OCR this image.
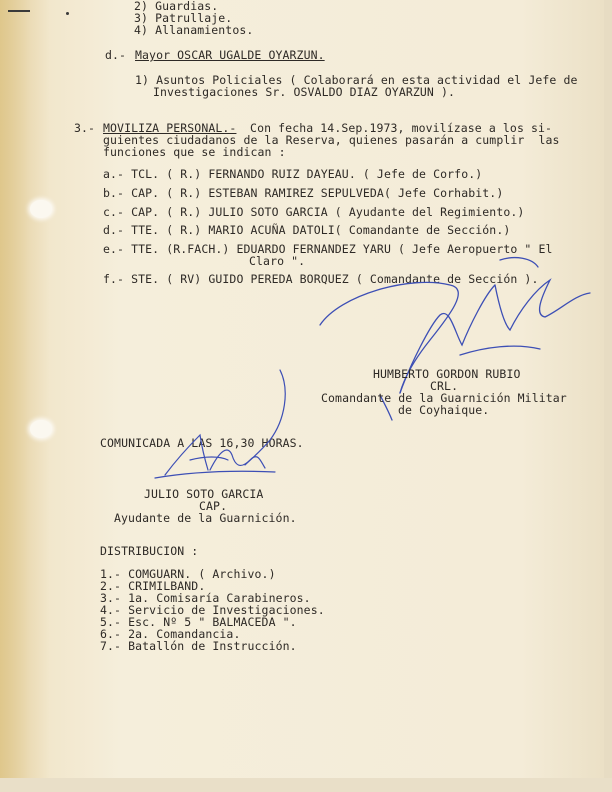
2) Guardias.
3) Patrullaje.
4) Allanamientos.
d.- Mayor OSCAR UGALDE OYARZUN.
1) Asuntos Policiales ( Colaborará en esta actividad el Jefe de
Investigaciones Sr. OSVALDO DIAZ OYARZUN ).
3.- MOVILIZA PERSONAL.- Con fecha 14.Sep.1973, movilízase a los si-
guientes ciudadanos de la Reserva, quienes pasarán a cumplir  las
funciones que se indican :
a.- TCL. ( R.) FERNANDO RUIZ DAYEAU. ( Jefe de Corfo.)
b.- CAP. ( R.) ESTEBAN RAMIREZ SEPULVEDA( Jefe Corhabit.)
c.- CAP. ( R.) JULIO SOTO GARCIA ( Ayudante del Regimiento.)
d.- TTE. ( R.) MARIO ACUÑA DATOLI( Comandante de Sección.)
e.- TTE. (R.FACH.) EDUARDO FERNANDEZ YARU ( Jefe Aeropuerto " El
Claro ".
f.- STE. ( RV) GUIDO PEREDA BORQUEZ ( Comandante de Sección ).
HUMBERTO GORDON RUBIO
CRL.
Comandante de la Guarnición Militar
de Coyhaique.
COMUNICADA A LAS 16,30 HORAS.
JULIO SOTO GARCIA
CAP.
Ayudante de la Guarnición.
DISTRIBUCION :
1.- COMGUARN. ( Archivo.)
2.- CRIMILBAND.
3.- 1a. Comisaría Carabineros.
4.- Servicio de Investigaciones.
5.- Esc. Nº 5 " BALMACEDA ".
6.- 2a. Comandancia.
7.- Batallón de Instrucción.
